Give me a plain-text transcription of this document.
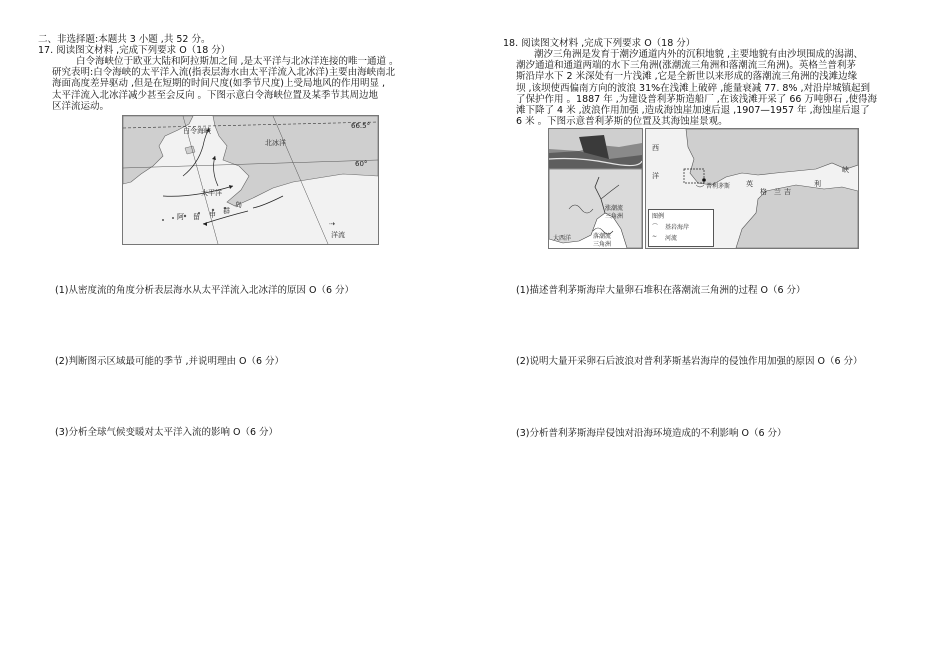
二、非选择题:本题共 3 小题 ,共 52 分。
17. 阅读图文材料 ,完成下列要求 O（18 分）
白令海峡位于欧亚大陆和阿拉斯加之间 ,是太平洋与北冰洋连接的唯一通道 。
研究表明:白令海峡的太平洋入流(指表层海水由太平洋流入北冰洋)主要由海峡南北
海面高度差异驱动 ,但是在短期的时间尺度(如季节尺度)上受局地风的作用明显 ,
太平洋流入北冰洋减少甚至会反向 。下图示意白令海峡位置及某季节其周边地
区洋流运动。
白令海峡
北冰洋
66.5°
60°
太平洋
阿 留 申 群
岛
⇢
洋流
(1)从密度流的角度分析表层海水从太平洋流入北冰洋的原因 O（6 分）
(2)判断图示区域最可能的季节 ,并说明理由 O（6 分）
(3)分析全球气候变暖对太平洋入流的影响 O（6 分）
18. 阅读图文材料 ,完成下列要求 O（18 分）
潮汐三角洲是发育于潮汐通道内外的沉积地貌 ,主要地貌有由沙坝围成的潟湖、
潮汐通道和通道两端的水下三角洲(涨潮流三角洲和落潮流三角洲)。英格兰普利茅
斯沿岸水下 2 米深处有一片浅滩 ,它是全新世以来形成的落潮流三角洲的浅滩边缘
坝 ,该坝使西偏南方向的波浪 31%在浅滩上破碎 ,能量衰减 77. 8% ,对沿岸城镇起到
了保护作用 。1887 年 ,为建设普利茅斯造船厂 ,在该浅滩开采了 66 万吨卵石 ,使得海
滩下降了 4 米 ,波浪作用加强 ,造成海蚀崖加速后退 ,1907—1957 年 ,海蚀崖后退了
6 米 。下图示意普利茅斯的位置及其海蚀崖景观。
涨潮流
三角洲
大西洋	落潮流
三角洲
西
洋
普利茅斯 英
格 兰 吉
利
峡
图例
⌒ 基岩海岸
∼ 河流
(1)描述普利茅斯海岸大量卵石堆积在落潮流三角洲的过程 O（6 分）
(2)说明大量开采卵石后波浪对普利茅斯基岩海岸的侵蚀作用加强的原因 O（6 分）
(3)分析普利茅斯海岸侵蚀对沿海环境造成的不利影响 O（6 分）
